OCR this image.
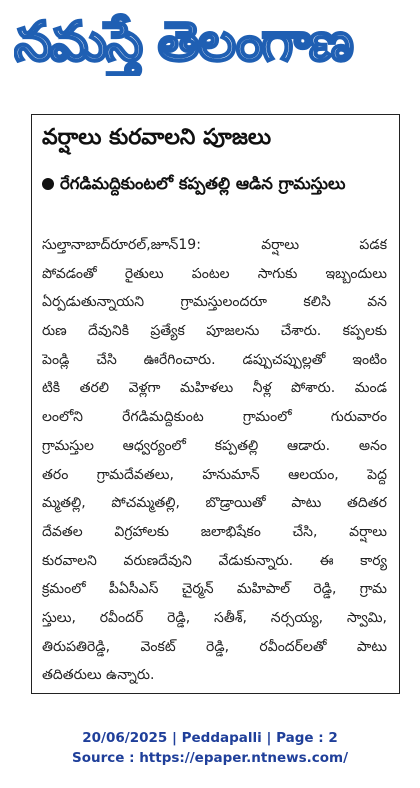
నమస్తే తెలంగాణ
వర్షాలు కురవాలని పూజలు
రేగడిమద్దికుంటలో కప్పతల్లి ఆడిన గ్రామస్తులు
సుల్తానాబాద్‌రూరల్‌,జూన్‌19: వర్షాలు పడక
పోవడంతో రైతులు పంటల సాగుకు ఇబ్బందులు
ఏర్పడుతున్నాయని గ్రామస్తులందరూ కలిసి వన
రుణ దేవునికి ప్రత్యేక పూజలను చేశారు. కప్పలకు
పెండ్లి చేసి ఊరేగించారు. డప్పుచప్పుల్లతో ఇంటిం
టికి తరలి వెళ్లగా మహిళలు నీళ్ల పోశారు. మండ
లంలోని రేగడిమద్దికుంట గ్రామంలో గురువారం
గ్రామస్తుల ఆధ్వర్యంలో కప్పతల్లి ఆడారు. అనం
తరం గ్రామదేవతలు, హనుమాన్‌ ఆలయం, పెద్ద
మ్మతల్లి, పోచమ్మతల్లి, బొడ్రాయితో పాటు తదితర
దేవతల విగ్రహాలకు జలాభిషేకం చేసి, వర్షాలు
కురవాలని వరుణదేవుని వేడుకున్నారు. ఈ కార్య
క్రమంలో పీఏసీఎస్‌ చైర్మన్‌ మహిపాల్‌ రెడ్డి, గ్రామ
స్తులు, రవీందర్‌ రెడ్డి, సతీశ్‌, నర్సయ్య, స్వామి,
తిరుపతిరెడ్డి, వెంకట్‌ రెడ్డి, రవీందర్‌లతో పాటు
తదితరులు ఉన్నారు.
20/06/2025 | Peddapalli | Page : 2
Source : https://epaper.ntnews.com/
